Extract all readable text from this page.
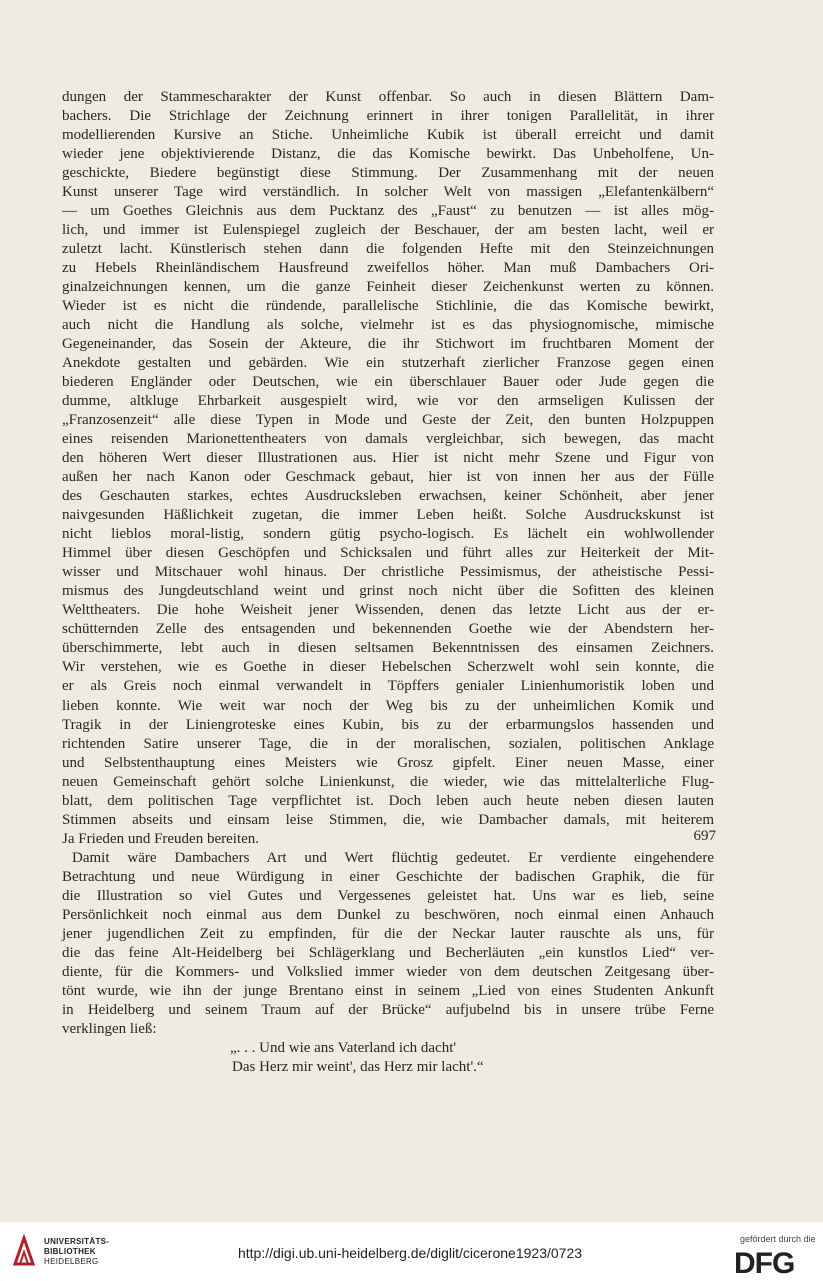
dungen der Stammescharakter der Kunst offenbar. So auch in diesen Blättern Dam-
bachers. Die Strichlage der Zeichnung erinnert in ihrer tonigen Parallelität, in ihrer
modellierenden Kursive an Stiche. Unheimliche Kubik ist überall erreicht und damit
wieder jene objektivierende Distanz, die das Komische bewirkt. Das Unbeholfene, Un-
geschickte, Biedere begünstigt diese Stimmung. Der Zusammenhang mit der neuen
Kunst unserer Tage wird verständlich. In solcher Welt von massigen „Elefantenkälbern“
— um Goethes Gleichnis aus dem Pucktanz des „Faust“ zu benutzen — ist alles mög-
lich, und immer ist Eulenspiegel zugleich der Beschauer, der am besten lacht, weil er
zuletzt lacht. Künstlerisch stehen dann die folgenden Hefte mit den Steinzeichnungen
zu Hebels Rheinländischem Hausfreund zweifellos höher. Man muß Dambachers Ori-
ginalzeichnungen kennen, um die ganze Feinheit dieser Zeichenkunst werten zu können.
Wieder ist es nicht die ründende, parallelische Stichlinie, die das Komische bewirkt,
auch nicht die Handlung als solche, vielmehr ist es das physiognomische, mimische
Gegeneinander, das Sosein der Akteure, die ihr Stichwort im fruchtbaren Moment der
Anekdote gestalten und gebärden. Wie ein stutzerhaft zierlicher Franzose gegen einen
biederen Engländer oder Deutschen, wie ein überschlauer Bauer oder Jude gegen die
dumme, altkluge Ehrbarkeit ausgespielt wird, wie vor den armseligen Kulissen der
„Franzosenzeit“ alle diese Typen in Mode und Geste der Zeit, den bunten Holzpuppen
eines reisenden Marionettentheaters von damals vergleichbar, sich bewegen, das macht
den höheren Wert dieser Illustrationen aus. Hier ist nicht mehr Szene und Figur von
außen her nach Kanon oder Geschmack gebaut, hier ist von innen her aus der Fülle
des Geschauten starkes, echtes Ausdrucksleben erwachsen, keiner Schönheit, aber jener
naivgesunden Häßlichkeit zugetan, die immer Leben heißt. Solche Ausdruckskunst ist
nicht lieblos moral-listig, sondern gütig psycho-logisch. Es lächelt ein wohlwollender
Himmel über diesen Geschöpfen und Schicksalen und führt alles zur Heiterkeit der Mit-
wisser und Mitschauer wohl hinaus. Der christliche Pessimismus, der atheistische Pessi-
mismus des Jungdeutschland weint und grinst noch nicht über die Sofitten des kleinen
Welttheaters. Die hohe Weisheit jener Wissenden, denen das letzte Licht aus der er-
schütternden Zelle des entsagenden und bekennenden Goethe wie der Abendstern her-
überschimmerte, lebt auch in diesen seltsamen Bekenntnissen des einsamen Zeichners.
Wir verstehen, wie es Goethe in dieser Hebelschen Scherzwelt wohl sein konnte, die
er als Greis noch einmal verwandelt in Töpffers genialer Linienhumoristik loben und
lieben konnte. Wie weit war noch der Weg bis zu der unheimlichen Komik und
Tragik in der Liniengroteske eines Kubin, bis zu der erbarmungslos hassenden und
richtenden Satire unserer Tage, die in der moralischen, sozialen, politischen Anklage
und Selbstenthauptung eines Meisters wie Grosz gipfelt. Einer neuen Masse, einer
neuen Gemeinschaft gehört solche Linienkunst, die wieder, wie das mittelalterliche Flug-
blatt, dem politischen Tage verpflichtet ist. Doch leben auch heute neben diesen lauten
Stimmen abseits und einsam leise Stimmen, die, wie Dambacher damals, mit heiterem
Ja Frieden und Freuden bereiten.
Damit wäre Dambachers Art und Wert flüchtig gedeutet. Er verdiente eingehendere
Betrachtung und neue Würdigung in einer Geschichte der badischen Graphik, die für
die Illustration so viel Gutes und Vergessenes geleistet hat. Uns war es lieb, seine
Persönlichkeit noch einmal aus dem Dunkel zu beschwören, noch einmal einen Anhauch
jener jugendlichen Zeit zu empfinden, für die der Neckar lauter rauschte als uns, für
die das feine Alt-Heidelberg bei Schlägerklang und Becherläuten „ein kunstlos Lied“ ver-
diente, für die Kommers- und Volkslied immer wieder von dem deutschen Zeitgesang über-
tönt wurde, wie ihn der junge Brentano einst in seinem „Lied von eines Studenten Ankunft
in Heidelberg und seinem Traum auf der Brücke“ aufjubelnd bis in unsere trübe Ferne
verklingen ließ:
„. . . Und wie ans Vaterland ich dacht'
Das Herz mir weint', das Herz mir lacht'.“
697
UNIVERSITÄTS-
BIBLIOTHEK
HEIDELBERG
http://digi.ub.uni-heidelberg.de/diglit/cicerone1923/0723
gefördert durch die
DFG
